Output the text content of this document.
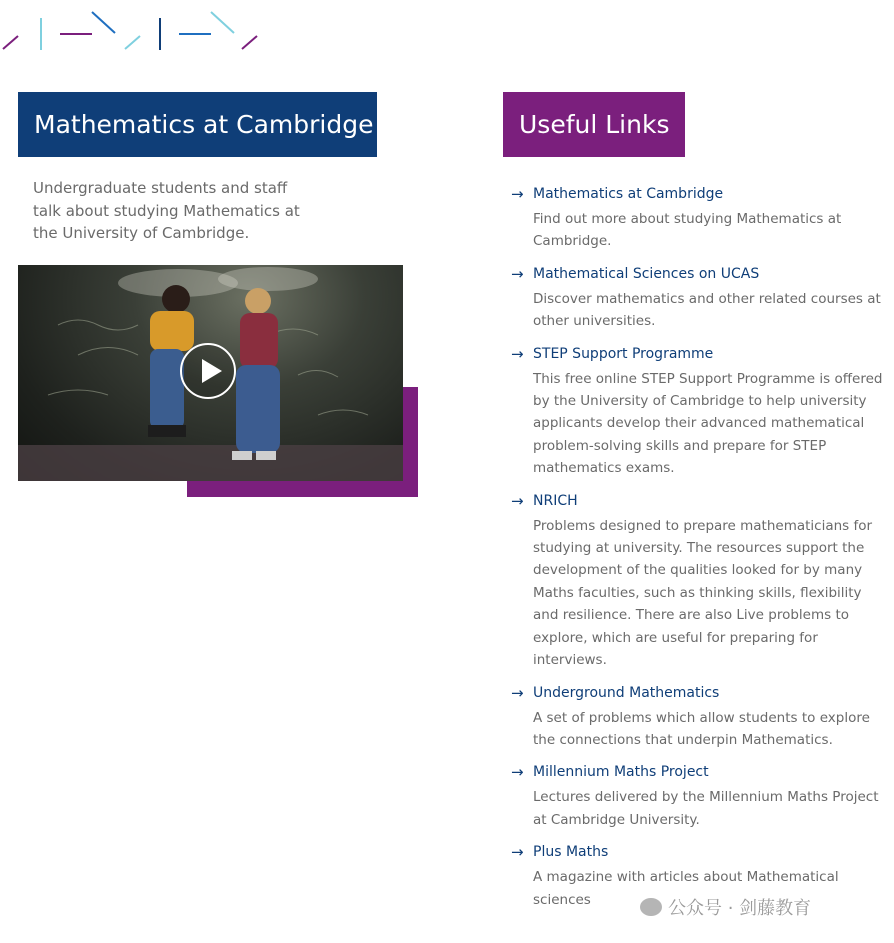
Mathematics at Cambridge

Undergraduate students and staff talk about studying Mathematics at the University of Cambridge.

Useful Links
→ Mathematics at Cambridge
Find out more about studying Mathematics at Cambridge.
→ Mathematical Sciences on UCAS
Discover mathematics and other related courses at other universities.
→ STEP Support Programme
This free online STEP Support Programme is offered by the University of Cambridge to help university applicants develop their advanced mathematical problem-solving skills and prepare for STEP mathematics exams.
→ NRICH
Problems designed to prepare mathematicians for studying at university. The resources support the development of the qualities looked for by many Maths faculties, such as thinking skills, flexibility and resilience. There are also Live problems to explore, which are useful for preparing for interviews.
→ Underground Mathematics
A set of problems which allow students to explore the connections that underpin Mathematics.
→ Millennium Maths Project
Lectures delivered by the Millennium Maths Project at Cambridge University.
→ Plus Maths
A magazine with articles about Mathematical sciences	公众号 · 剑藤教育
